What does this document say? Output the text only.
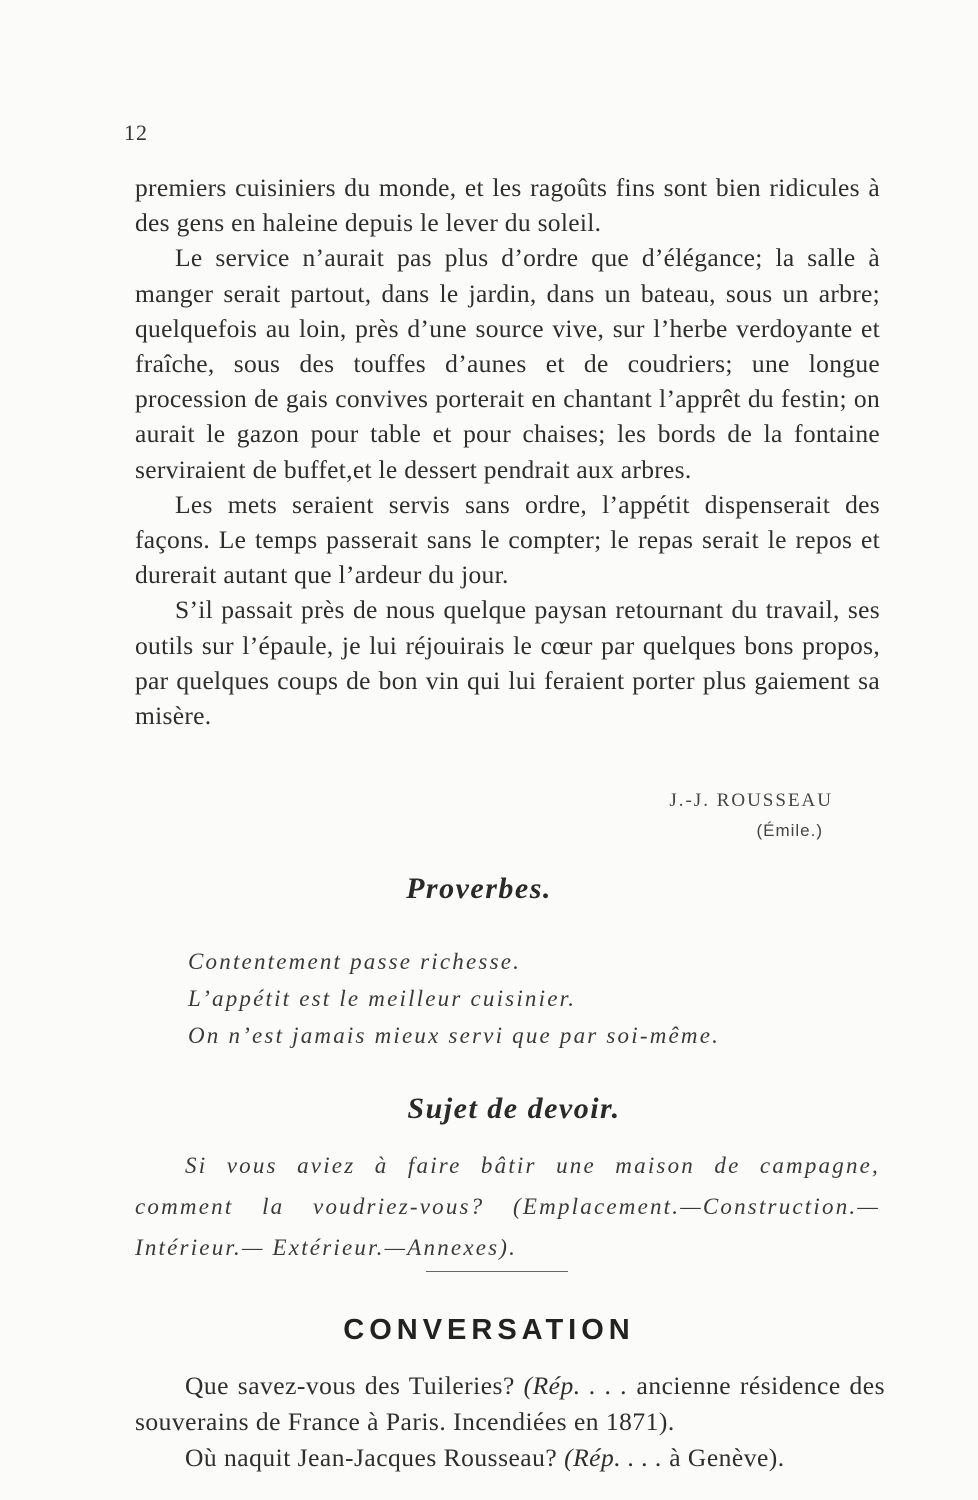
12

premiers cuisiniers du monde, et les ragoûts fins sont bien ridicules à des gens en haleine depuis le lever du soleil.

Le service n’aurait pas plus d’ordre que d’élégance; la salle à manger serait partout, dans le jardin, dans un bateau, sous un arbre; quelquefois au loin, près d’une source vive, sur l’herbe verdoyante et fraîche, sous des touffes d’aunes et de coudriers; une longue procession de gais convives porterait en chantant l’apprêt du festin; on aurait le gazon pour table et pour chaises; les bords de la fontaine serviraient de buffet,et le dessert pendrait aux arbres.

Les mets seraient servis sans ordre, l’appétit dispenserait des façons. Le temps passerait sans le compter; le repas serait le repos et durerait autant que l’ardeur du jour.

S’il passait près de nous quelque paysan retournant du travail, ses outils sur l’épaule, je lui réjouirais le cœur par quelques bons propos, par quelques coups de bon vin qui lui feraient porter plus gaiement sa misère.

J.-J. ROUSSEAU
(Émile.)
Proverbes.
Contentement passe richesse.
L’appétit est le meilleur cuisinier.
On n’est jamais mieux servi que par soi-même.
Sujet de devoir.
Si vous aviez à faire bâtir une maison de campagne, comment la voudriez-vous? (Emplacement.—Construction.— Intérieur.— Extérieur.—Annexes).
CONVERSATION

Que savez-vous des Tuileries? (Rép. . . . ancienne résidence des souverains de France à Paris. Incendiées en 1871).

Où naquit Jean-Jacques Rousseau? (Rép. . . . à Genève).
